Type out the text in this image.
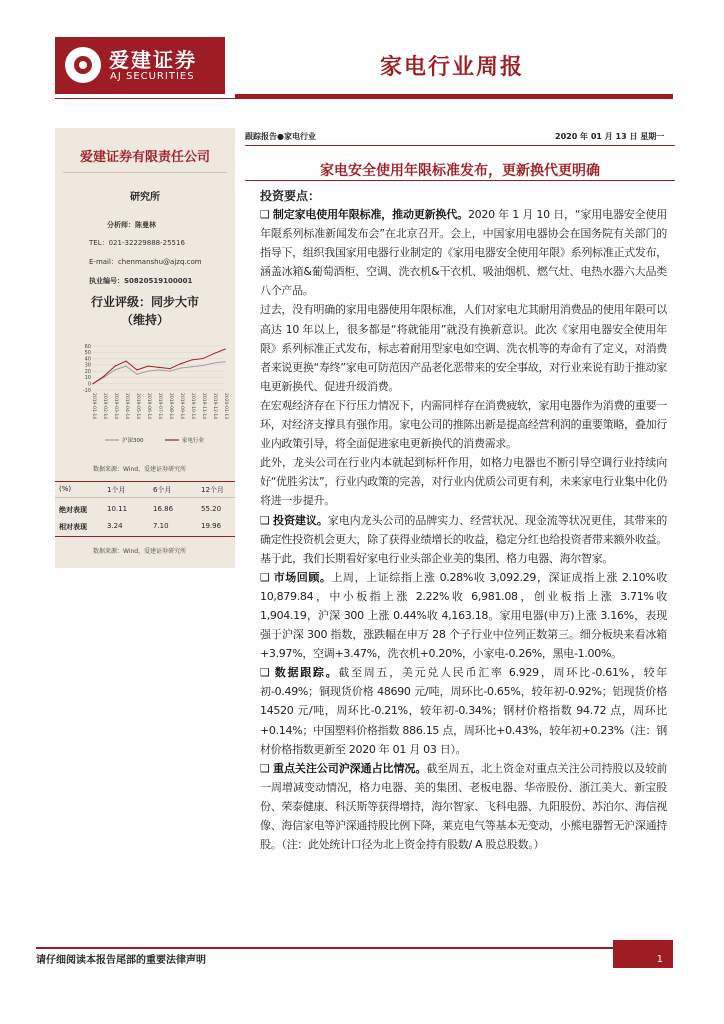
爱建证券
AJ SECURITIES	家电行业周报
爱建证券有限责任公司
研究所
分析师：陈曼林
TEL：021-32229888-25516
E-mail：chenmanshu@ajzq.com
执业编号：S0820519100001
行业评级：同步大市
（维持）
60
50
40
30
20
10
0
-10
2019-01-14 2019-02-14 2019-03-14 2019-04-14 2019-05-14 2019-06-14 2019-07-14 2019-08-14 2019-09-14 2019-10-14 2019-11-14 2019-12-14 2020-01-13
沪深300	家电行业
数据来源：Wind，爱建证券研究所
(%)	1个月	6个月	12个月
绝对表现	10.11	16.86	55.20
相对表现	3.24	7.10	19.96
数据来源：Wind，爱建证券研究所
跟踪报告●家电行业	2020 年 01 月 13 日 星期一
家电安全使用年限标准发布，更新换代更明确
投资要点：

❑ 制定家电使用年限标准，推动更新换代。2020 年 1 月 10 日，“家用电器安全使用年限系列标准新闻发布会”在北京召开。会上，中国家用电器协会在国务院有关部门的指导下，组织我国家用电器行业制定的《家用电器安全使用年限》系列标准正式发布，涵盖冰箱&葡萄酒柜、空调、洗衣机&干衣机、吸油烟机、燃气灶、电热水器六大品类八个产品。

过去，没有明确的家用电器使用年限标准，人们对家电尤其耐用消费品的使用年限可以高达 10 年以上，很多都是“将就能用”就没有换新意识。此次《家用电器安全使用年限》系列标准正式发布，标志着耐用型家电如空调、洗衣机等的寿命有了定义，对消费者来说更换“寿终”家电可防范因产品老化恶带来的安全事故，对行业来说有助于推动家电更新换代、促进升级消费。

在宏观经济存在下行压力情况下，内需同样存在消费疲软，家用电器作为消费的重要一环，对经济支撑具有强作用。家电公司的推陈出新是提高经营利润的重要策略，叠加行业内政策引导，将全面促进家电更新换代的消费需求。

此外，龙头公司在行业内本就起到标杆作用，如格力电器也不断引导空调行业持续向好“优胜劣汰”，行业内政策的完善，对行业内优质公司更有利，未来家电行业集中化仍将进一步提升。

❑ 投资建议。家电内龙头公司的品牌实力、经营状况、现金流等状况更佳，其带来的确定性投资机会更大，除了获得业绩增长的收益，稳定分红也给投资者带来额外收益。基于此，我们长期看好家电行业头部企业美的集团、格力电器、海尔智家。

❑ 市场回顾。上周，上证综指上涨 0.28%收 3,092.29，深证成指上涨 2.10%收 10,879.84，中小板指上涨 2.22%收 6,981.08，创业板指上涨 3.71%收 1,904.19，沪深 300 上涨 0.44%收 4,163.18。家用电器(申万)上涨 3.16%，表现强于沪深 300 指数，涨跌幅在申万 28 个子行业中位列正数第三。细分板块来看冰箱+3.97%，空调+3.47%，洗衣机+0.20%，小家电-0.26%，黑电-1.00%。

❑ 数据跟踪。截至周五，美元兑人民币汇率 6.929，周环比-0.61%，较年初-0.49%；铜现货价格 48690 元/吨，周环比-0.65%，较年初-0.92%；铝现货价格 14520 元/吨，周环比-0.21%，较年初-0.34%；钢材价格指数 94.72 点，周环比+0.14%；中国塑料价格指数 886.15 点，周环比+0.43%，较年初+0.23%（注：钢材价格指数更新至 2020 年 01 月 03 日）。

❑ 重点关注公司沪深通占比情况。截至周五，北上资金对重点关注公司持股以及较前一周增减变动情况，格力电器、美的集团、老板电器、华帝股份、浙江美大、新宝股份、荣泰健康、科沃斯等获得增持，海尔智家、飞科电器、九阳股份、苏泊尔、海信视像、海信家电等沪深通持股比例下降，莱克电气等基本无变动，小熊电器暂无沪深通持股。（注：此处统计口径为北上资金持有股数/ A 股总股数。）

请仔细阅读本报告尾部的重要法律声明	1
